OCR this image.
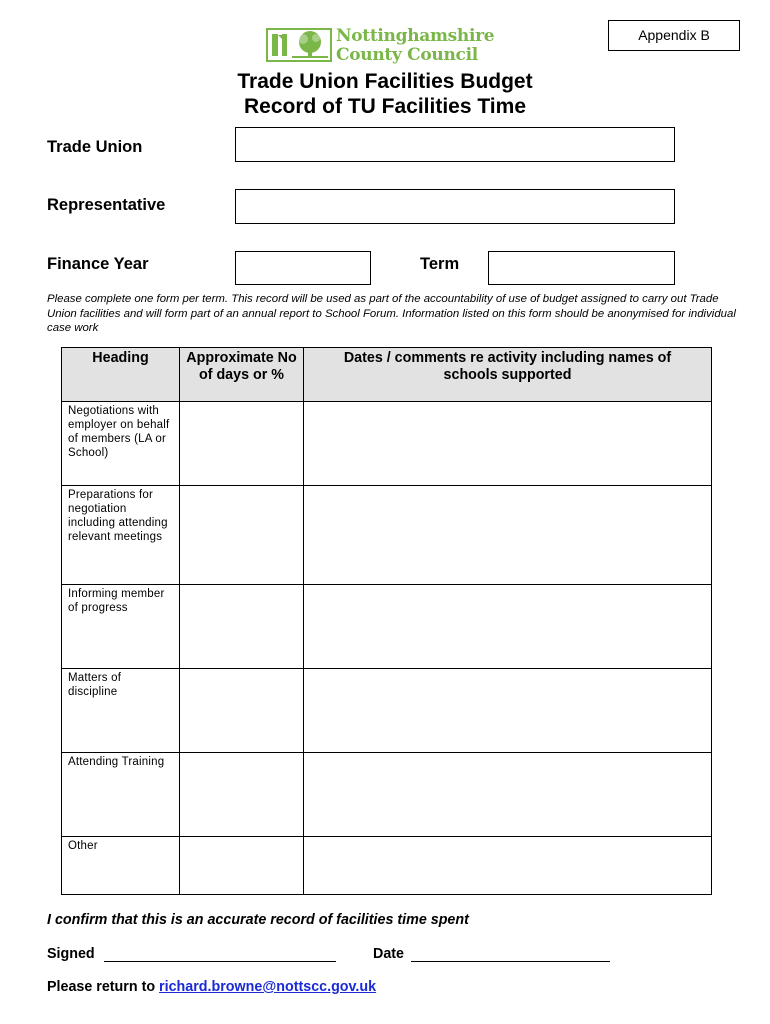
Appendix B
Nottinghamshire
County Council
Trade Union Facilities Budget
Record of TU Facilities Time
Trade Union
Representative
Finance Year	Term
Please complete one form per term. This record will be used as part of the accountability of use of budget assigned to carry out Trade Union facilities and will form part of an annual report to School Forum. Information listed on this form should be anonymised for individual case work
Heading	Approximate No of days or %	Dates / comments re activity including names of schools supported
Negotiations with employer on behalf of members (LA or School)		
Preparations for negotiation including attending relevant meetings		
Informing member of progress		
Matters of discipline		
Attending Training		
Other		
I confirm that this is an accurate record of facilities time spent
Signed	Date
Please return to richard.browne@nottscc.gov.uk
